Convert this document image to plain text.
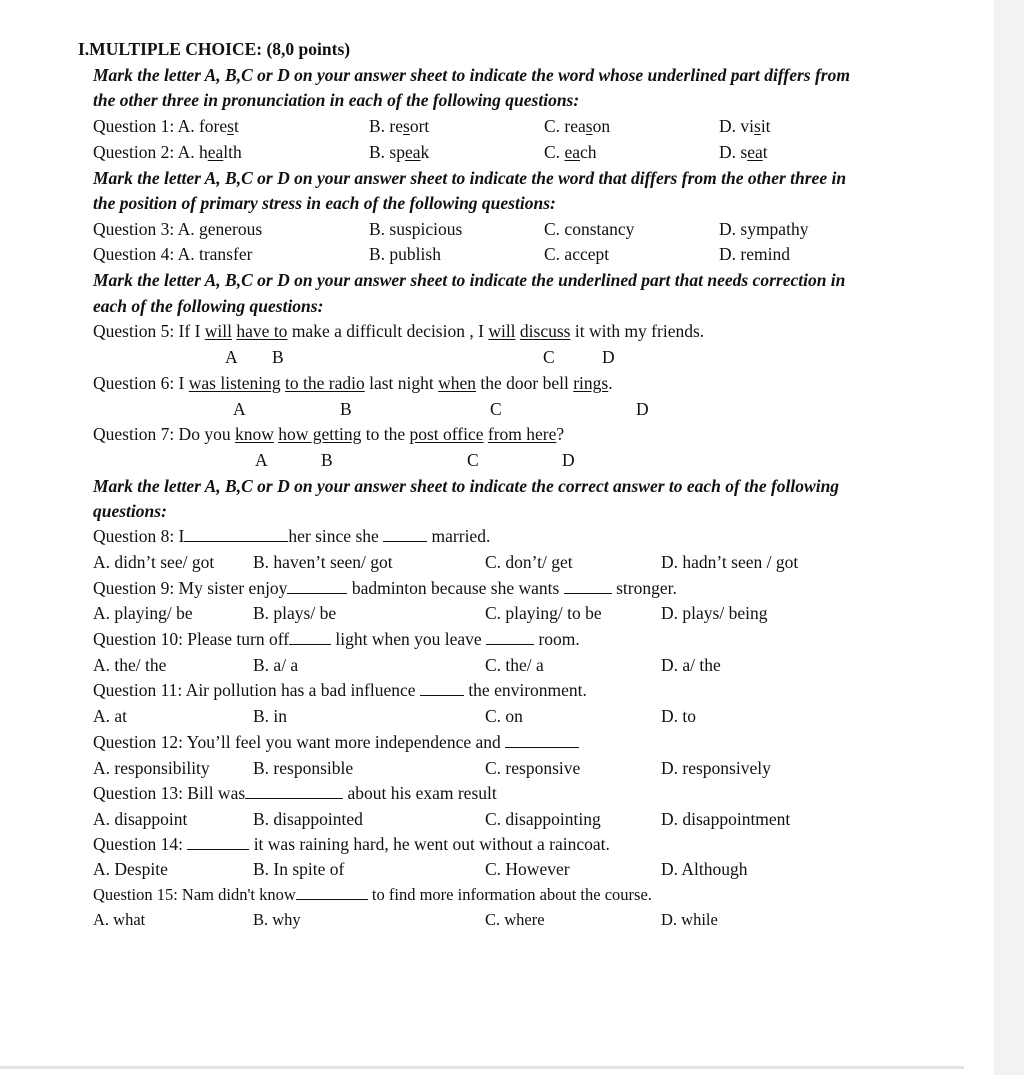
I.MULTIPLE CHOICE: (8,0 points)
Mark the letter A, B,C or D on your answer sheet to indicate the word whose underlined part differs from
the other three in pronunciation in each of the following questions:
Question 1: A. forest	B. resort	C. reason	D. visit
Question 2: A. health	B. speak	C. each	D. seat
Mark the letter A, B,C or D on your answer sheet to indicate the word that differs from the other three in
the position of primary stress in each of the following questions:
Question 3: A. generous	B. suspicious	C. constancy	D. sympathy
Question 4: A. transfer	B. publish	C. accept	D. remind
Mark the letter A, B,C or D on your answer sheet to indicate the underlined part that needs correction in
each of the following questions:
Question 5: If I will have to make a difficult decision , I will discuss it with my friends.
A B	C	D
Question 6: I was listening to the radio last night when the door bell rings.
A	B	C	D
Question 7: Do you know how getting to the post office from here?
A	B	C	D
Mark the letter A, B,C or D on your answer sheet to indicate the correct answer to each of the following
questions:
Question 8: I	her since she	married.
A. didn’t see/ got B. haven’t seen/ got	C. don’t/ get	D. hadn’t seen / got
Question 9: My sister enjoy	badminton because she wants	stronger.
A. playing/ be	B. plays/ be	C. playing/ to be	D. plays/ being
Question 10: Please turn off	light when you leave	room.
A. the/ the	B. a/ a	C. the/ a	D. a/ the
Question 11: Air pollution has a bad influence	the environment.
A. at	B. in	C. on	D. to
Question 12: You’ll feel you want more independence and
A. responsibility B. responsible	C. responsive	D. responsively
Question 13: Bill was	about his exam result
A. disappoint	B. disappointed	C. disappointing	D. disappointment
Question 14:	it was raining hard, he went out without a raincoat.
A. Despite	B. In spite of	C. However	D. Although
Question 15: Nam didn't know	to find more information about the course.
A. what	B. why	C. where	D. while
